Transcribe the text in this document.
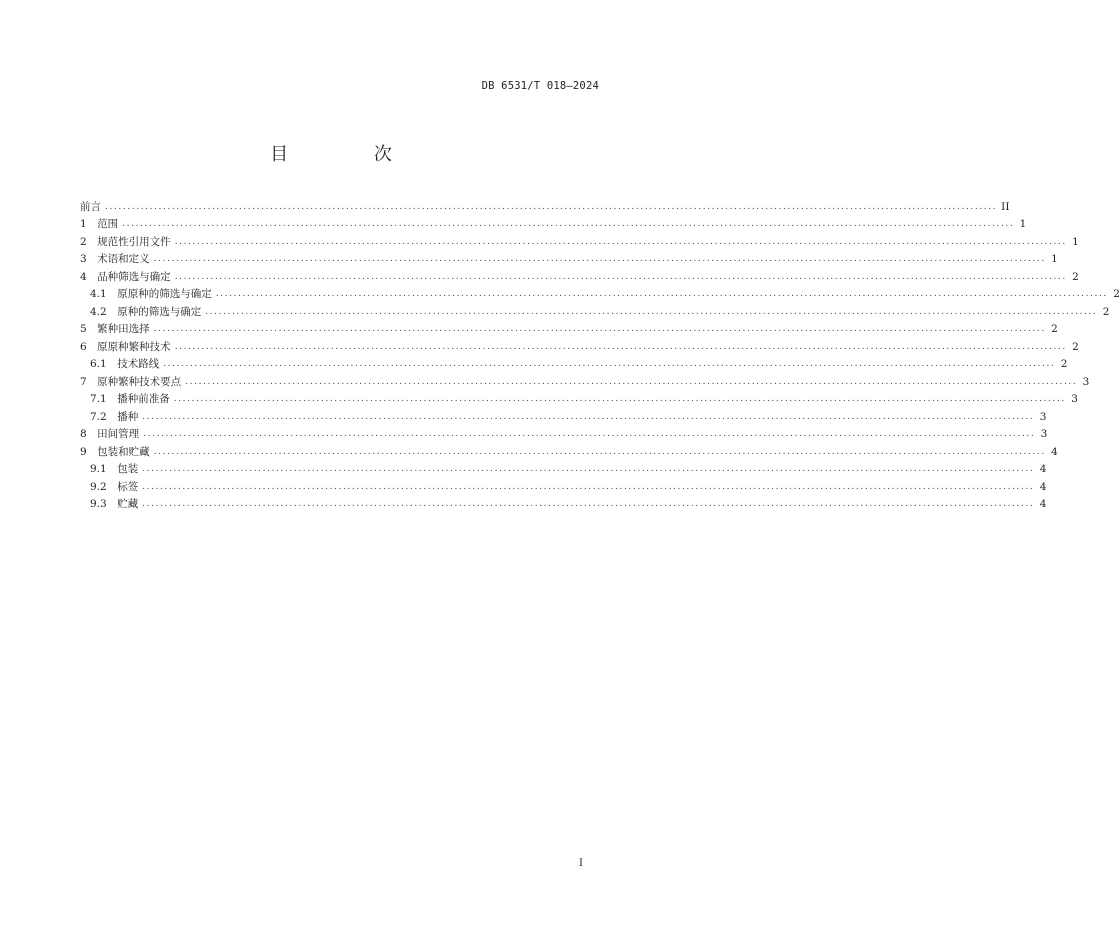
DB 6531/T 018—2024
目 次
前言 ........................................................................................................................................................................................................ II
1　范围 ........................................................................................................................................................................................................ 1
2　规范性引用文件 ........................................................................................................................................................................................................ 1
3　术语和定义 ........................................................................................................................................................................................................ 1
4　品种筛选与确定 ........................................................................................................................................................................................................ 2
4.1　原原种的筛选与确定 ........................................................................................................................................................................................................ 2
4.2　原种的筛选与确定 ........................................................................................................................................................................................................ 2
5　繁种田选择 ........................................................................................................................................................................................................ 2
6　原原种繁种技术 ........................................................................................................................................................................................................ 2
6.1　技术路线 ........................................................................................................................................................................................................ 2
7　原种繁种技术要点 ........................................................................................................................................................................................................ 3
7.1　播种前准备 ........................................................................................................................................................................................................ 3
7.2　播种 ........................................................................................................................................................................................................ 3
8　田间管理 ........................................................................................................................................................................................................ 3
9　包装和贮藏 ........................................................................................................................................................................................................ 4
9.1　包装 ........................................................................................................................................................................................................ 4
9.2　标签 ........................................................................................................................................................................................................ 4
9.3　贮藏 ........................................................................................................................................................................................................ 4
I
